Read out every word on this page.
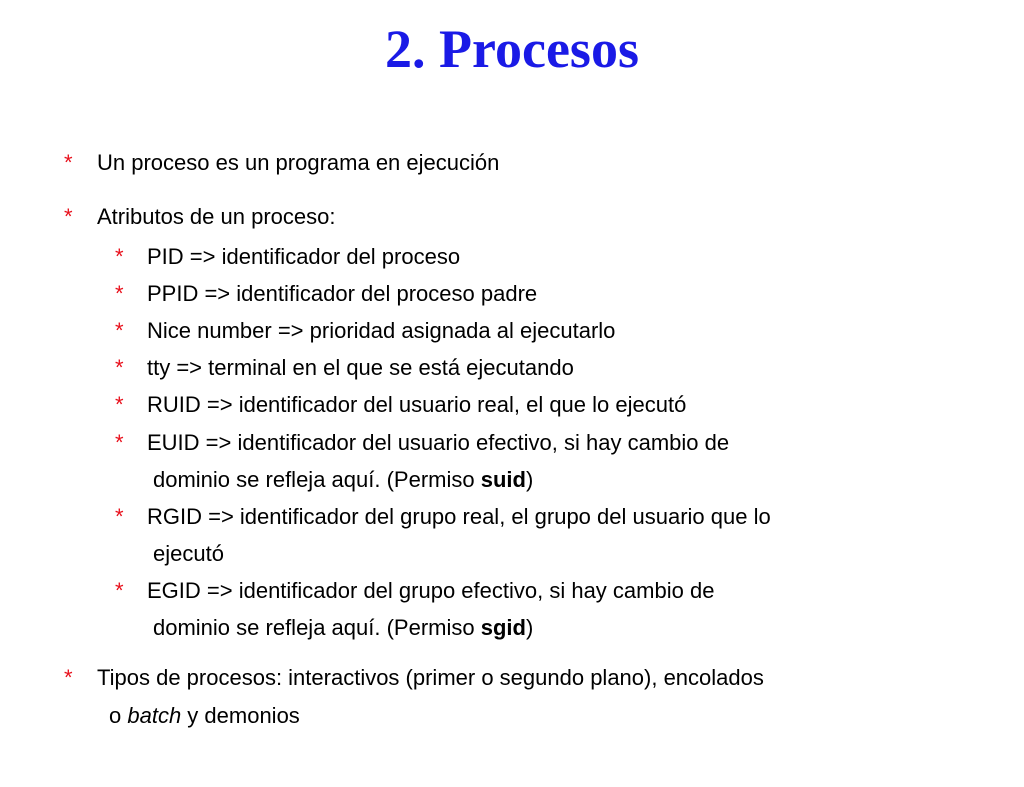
2. Procesos
* Un proceso es un programa en ejecución

* Atributos de un proceso:

* PID => identificador del proceso

* PPID => identificador del proceso padre

* Nice number => prioridad asignada al ejecutarlo

* tty => terminal en el que se está ejecutando

* RUID => identificador del usuario real, el que lo ejecutó

* EUID => identificador del usuario efectivo, si hay cambio de

dominio se refleja aquí. (Permiso suid)

* RGID => identificador del grupo real, el grupo del usuario que lo

ejecutó

* EGID => identificador del grupo efectivo, si hay cambio de

dominio se refleja aquí. (Permiso sgid)

* Tipos de procesos: interactivos (primer o segundo plano), encolados

o batch y demonios
